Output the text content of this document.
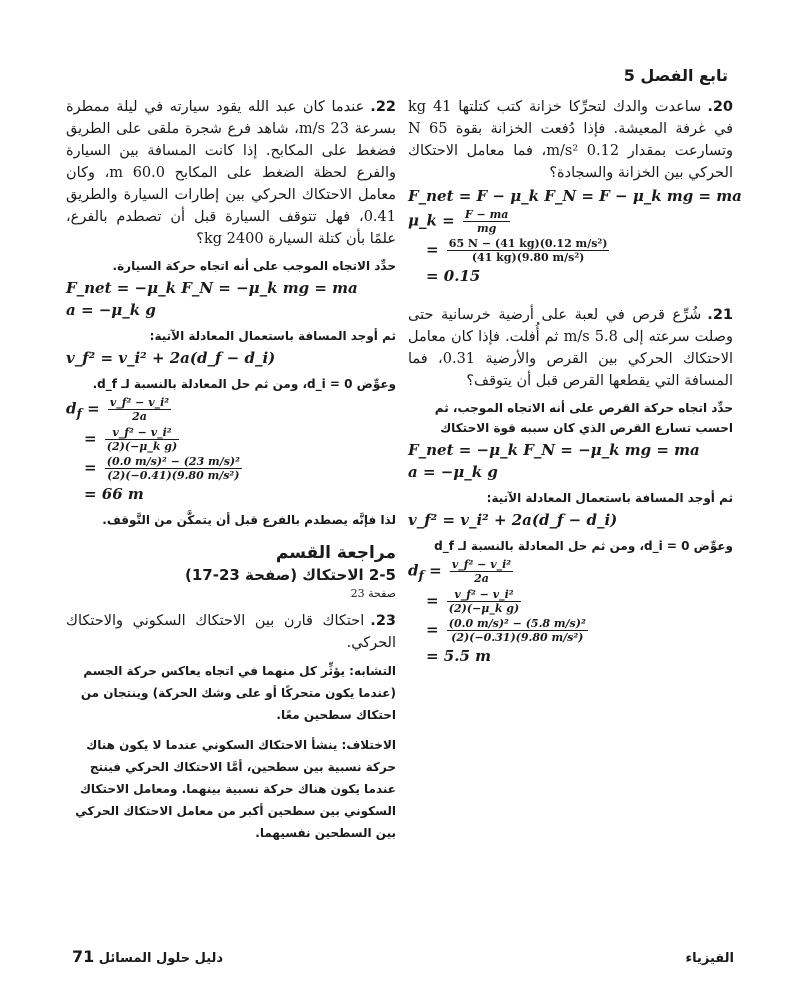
تابع الفصل 5

20.ساعدت والدك لتحرِّكا خزانة كتب كتلتها 41 kg في غرفة المعيشة. فإذا دُفعت الخزانة بقوة 65 N وتسارعت بمقدار 0.12 m/s²، فما معامل الاحتكاك الحركي بين الخزانة والسجادة؟

F_net = F − μ_k F_N = F − μ_k mg = ma
μ_k = $\frac{F - ma}{mg}$
= $\frac{\text{65 N − (41 kg)(0.12 m/s²)}}{\text{(41 kg)(9.80 m/s²)}}$
= 0.15

21.شُرِّع قرص في لعبة على أرضية خرسانية حتى وصلت سرعته إلى 5.8 m/s ثم أُفلت. فإذا كان معامل الاحتكاك الحركي بين القرص والأرضية 0.31، فما المسافة التي يقطعها القرص قبل أن يتوقف؟

حدِّد اتجاه حركة القرص على أنه الاتجاه الموجب، ثم احسب تسارع القرص الذي كان سببه قوة الاحتكاك
F_net = −μ_k F_N = −μ_k mg = ma
a = −μ_k g
ثم أوجد المسافة باستعمال المعادلة الآتية:
v_f² = v_i² + 2a(d_f − d_i)
وعوِّض d_i = 0، ومن ثم حل المعادلة بالنسبة لـ d_f
$d_f = \frac{\text{v\_f² − v\_i²}}{2a}$
= $\frac{\text{v\_f² − v\_i²}}{\text{(2)(−μ\_k g)}}$
= $\frac{\text{(0.0 m/s)² − (5.8 m/s)²}}{\text{(2)(−0.31)(9.80 m/s²)}}$
= 5.5 m

22.عندما كان عبد الله يقود سيارته في ليلة ممطرة بسرعة 23 m/s، شاهد فرع شجرة ملقى على الطريق فضغط على المكابح. إذا كانت المسافة بين السيارة والفرع لحظة الضغط على المكابح 60.0 m، وكان معامل الاحتكاك الحركي بين إطارات السيارة والطريق 0.41، فهل تتوقف السيارة قبل أن تصطدم بالفرع، علمًا بأن كتلة السيارة 2400 kg؟

حدِّد الاتجاه الموجب على أنه اتجاه حركة السيارة.
F_net = −μ_k F_N = −μ_k mg = ma
a = −μ_k g
ثم أوجد المسافة باستعمال المعادلة الآتية:
v_f² = v_i² + 2a(d_f − d_i)
وعوِّض d_i = 0، ومن ثم حل المعادلة بالنسبة لـ d_f.
$d_f = \frac{\text{v\_f² − v\_i²}}{2a}$
= $\frac{\text{v\_f² − v\_i²}}{\text{(2)(−μ\_k g)}}$
= $\frac{\text{(0.0 m/s)² − (23 m/s)²}}{\text{(2)(−0.41)(9.80 m/s²)}}$
= 66 m
لذا فإنَّه يصطدم بالفرع قبل أن يتمكَّن من التَّوقف.

مراجعة القسم

2-5 الاحتكاك (صفحة 23-17)

صفحة 23

23.احتكاك قارن بين الاحتكاك السكوني والاحتكاك الحركي.

التشابه: يؤثِّر كل منهما في اتجاه يعاكس حركة الجسم (عندما يكون متحركًا أو على وشك الحركة) وينتجان من احتكاك سطحين معًا.
الاختلاف: ينشأ الاحتكاك السكوني عندما لا يكون هناك حركة نسبية بين سطحين، أمَّا الاحتكاك الحركي فينتج عندما يكون هناك حركة نسبية بينهما. ومعامل الاحتكاك السكوني بين سطحين أكبر من معامل الاحتكاك الحركي بين السطحين نفسيهما.
دليل حلول المسائل 71	الفيزياء
